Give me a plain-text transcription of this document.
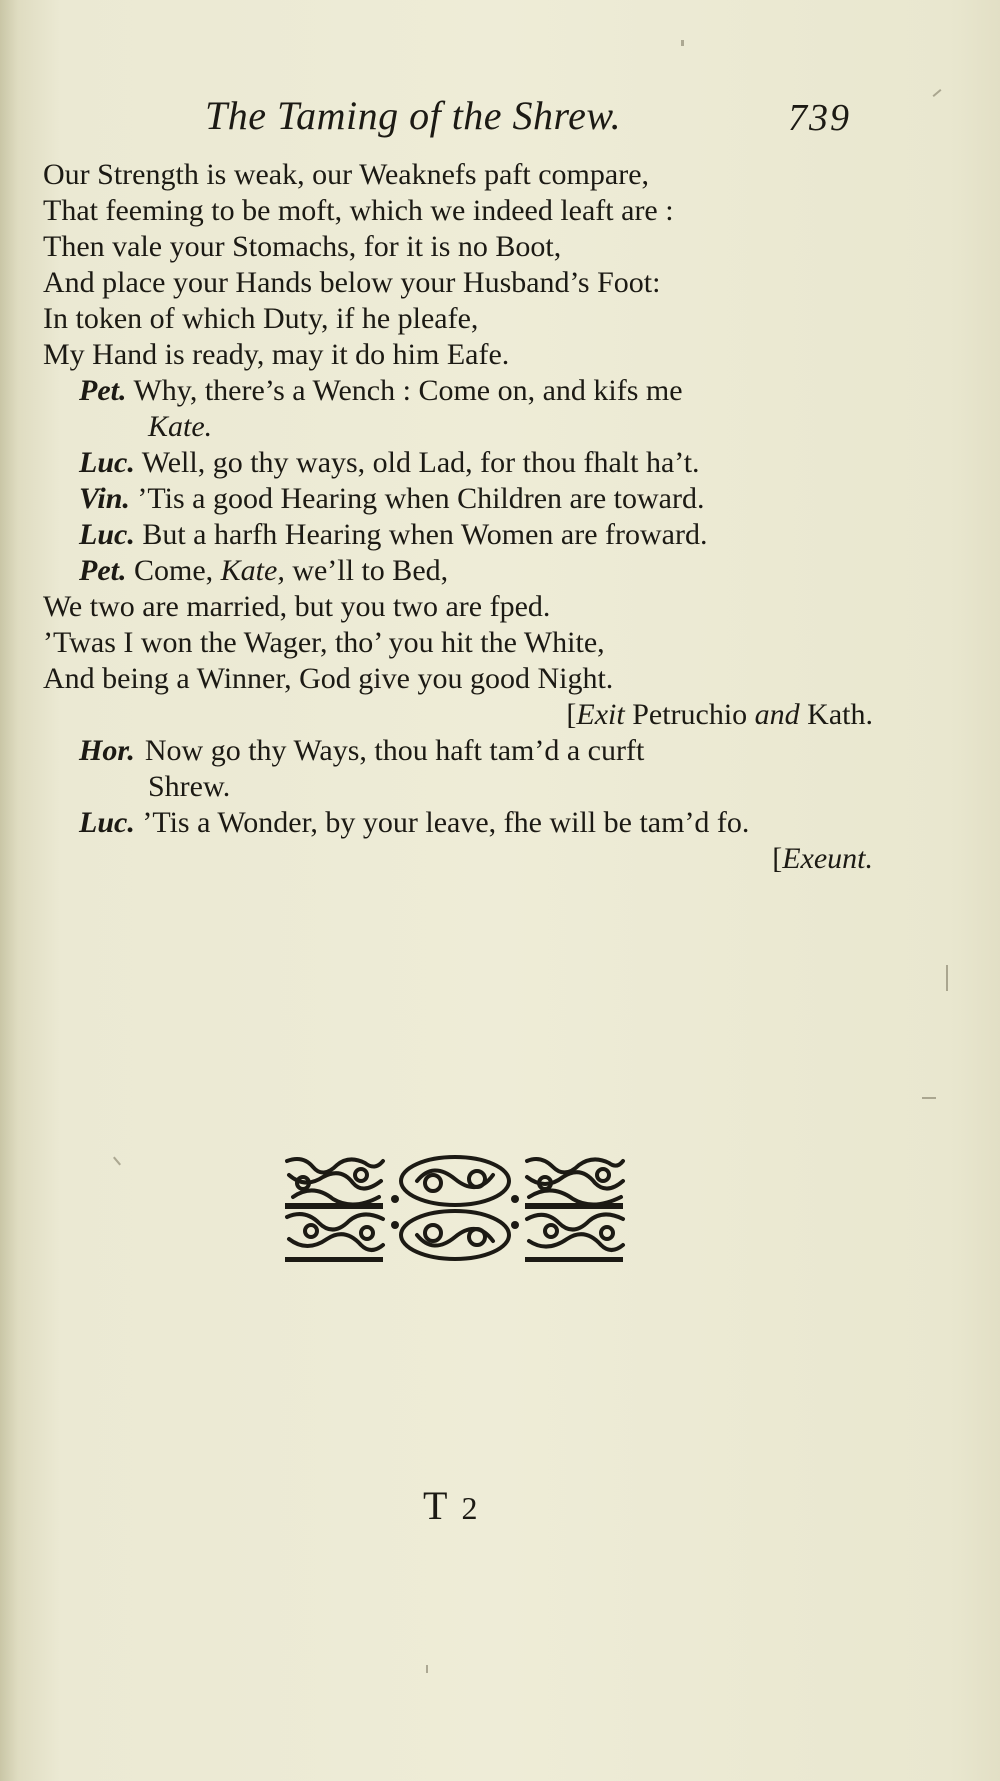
The Taming of the Shrew.	739
Our Strength is weak, our Weaknefs paft compare,
That feeming to be moft, which we indeed leaft are :
Then vale your Stomachs, for it is no Boot,
And place your Hands below your Husband’s Foot:
In token of which Duty, if he pleafe,
My Hand is ready, may it do him Eafe.
Pet. Why, there’s a Wench : Come on, and kifs me
Kate.
Luc. Well, go thy ways, old Lad, for thou fhalt ha’t.
Vin. ’Tis a good Hearing when Children are toward.
Luc. But a harfh Hearing when Women are froward.
Pet. Come, Kate, we’ll to Bed,
We two are married, but you two are fped.
’Twas I won the Wager, tho’ you hit the White,
And being a Winner, God give you good Night.
[Exit Petruchio and Kath.
Hor. Now go thy Ways, thou haft tam’d a curft
Shrew.
Luc. ’Tis a Wonder, by your leave, fhe will be tam’d fo.
[Exeunt.
T 2
